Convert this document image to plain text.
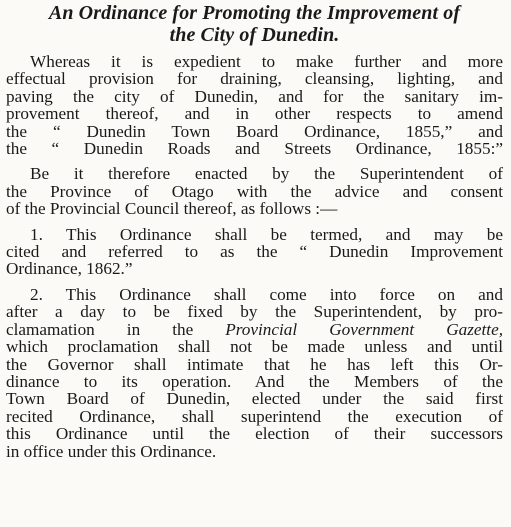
An Ordinance for Promoting the Improvement of
the City of Dunedin.

Whereas it is expedient to make further and more
effectual provision for draining, cleansing, lighting, and
paving the city of Dunedin, and for the sanitary im-
provement thereof, and in other respects to amend
the “ Dunedin Town Board Ordinance, 1855,” and
the “ Dunedin Roads and Streets Ordinance, 1855:”

Be it therefore enacted by the Superintendent of
the Province of Otago with the advice and consent
of the Provincial Council thereof, as follows :—

1. This Ordinance shall be termed, and may be
cited and referred to as the “ Dunedin Improvement
Ordinance, 1862.”

2. This Ordinance shall come into force on and
after a day to be fixed by the Superintendent, by pro-
clamamation in the Provincial Government Gazette,
which proclamation shall not be made unless and until
the Governor shall intimate that he has left this Or-
dinance to its operation. And the Members of the
Town Board of Dunedin, elected under the said first
recited Ordinance, shall superintend the execution of
this Ordinance until the election of their successors
in office under this Ordinance.
